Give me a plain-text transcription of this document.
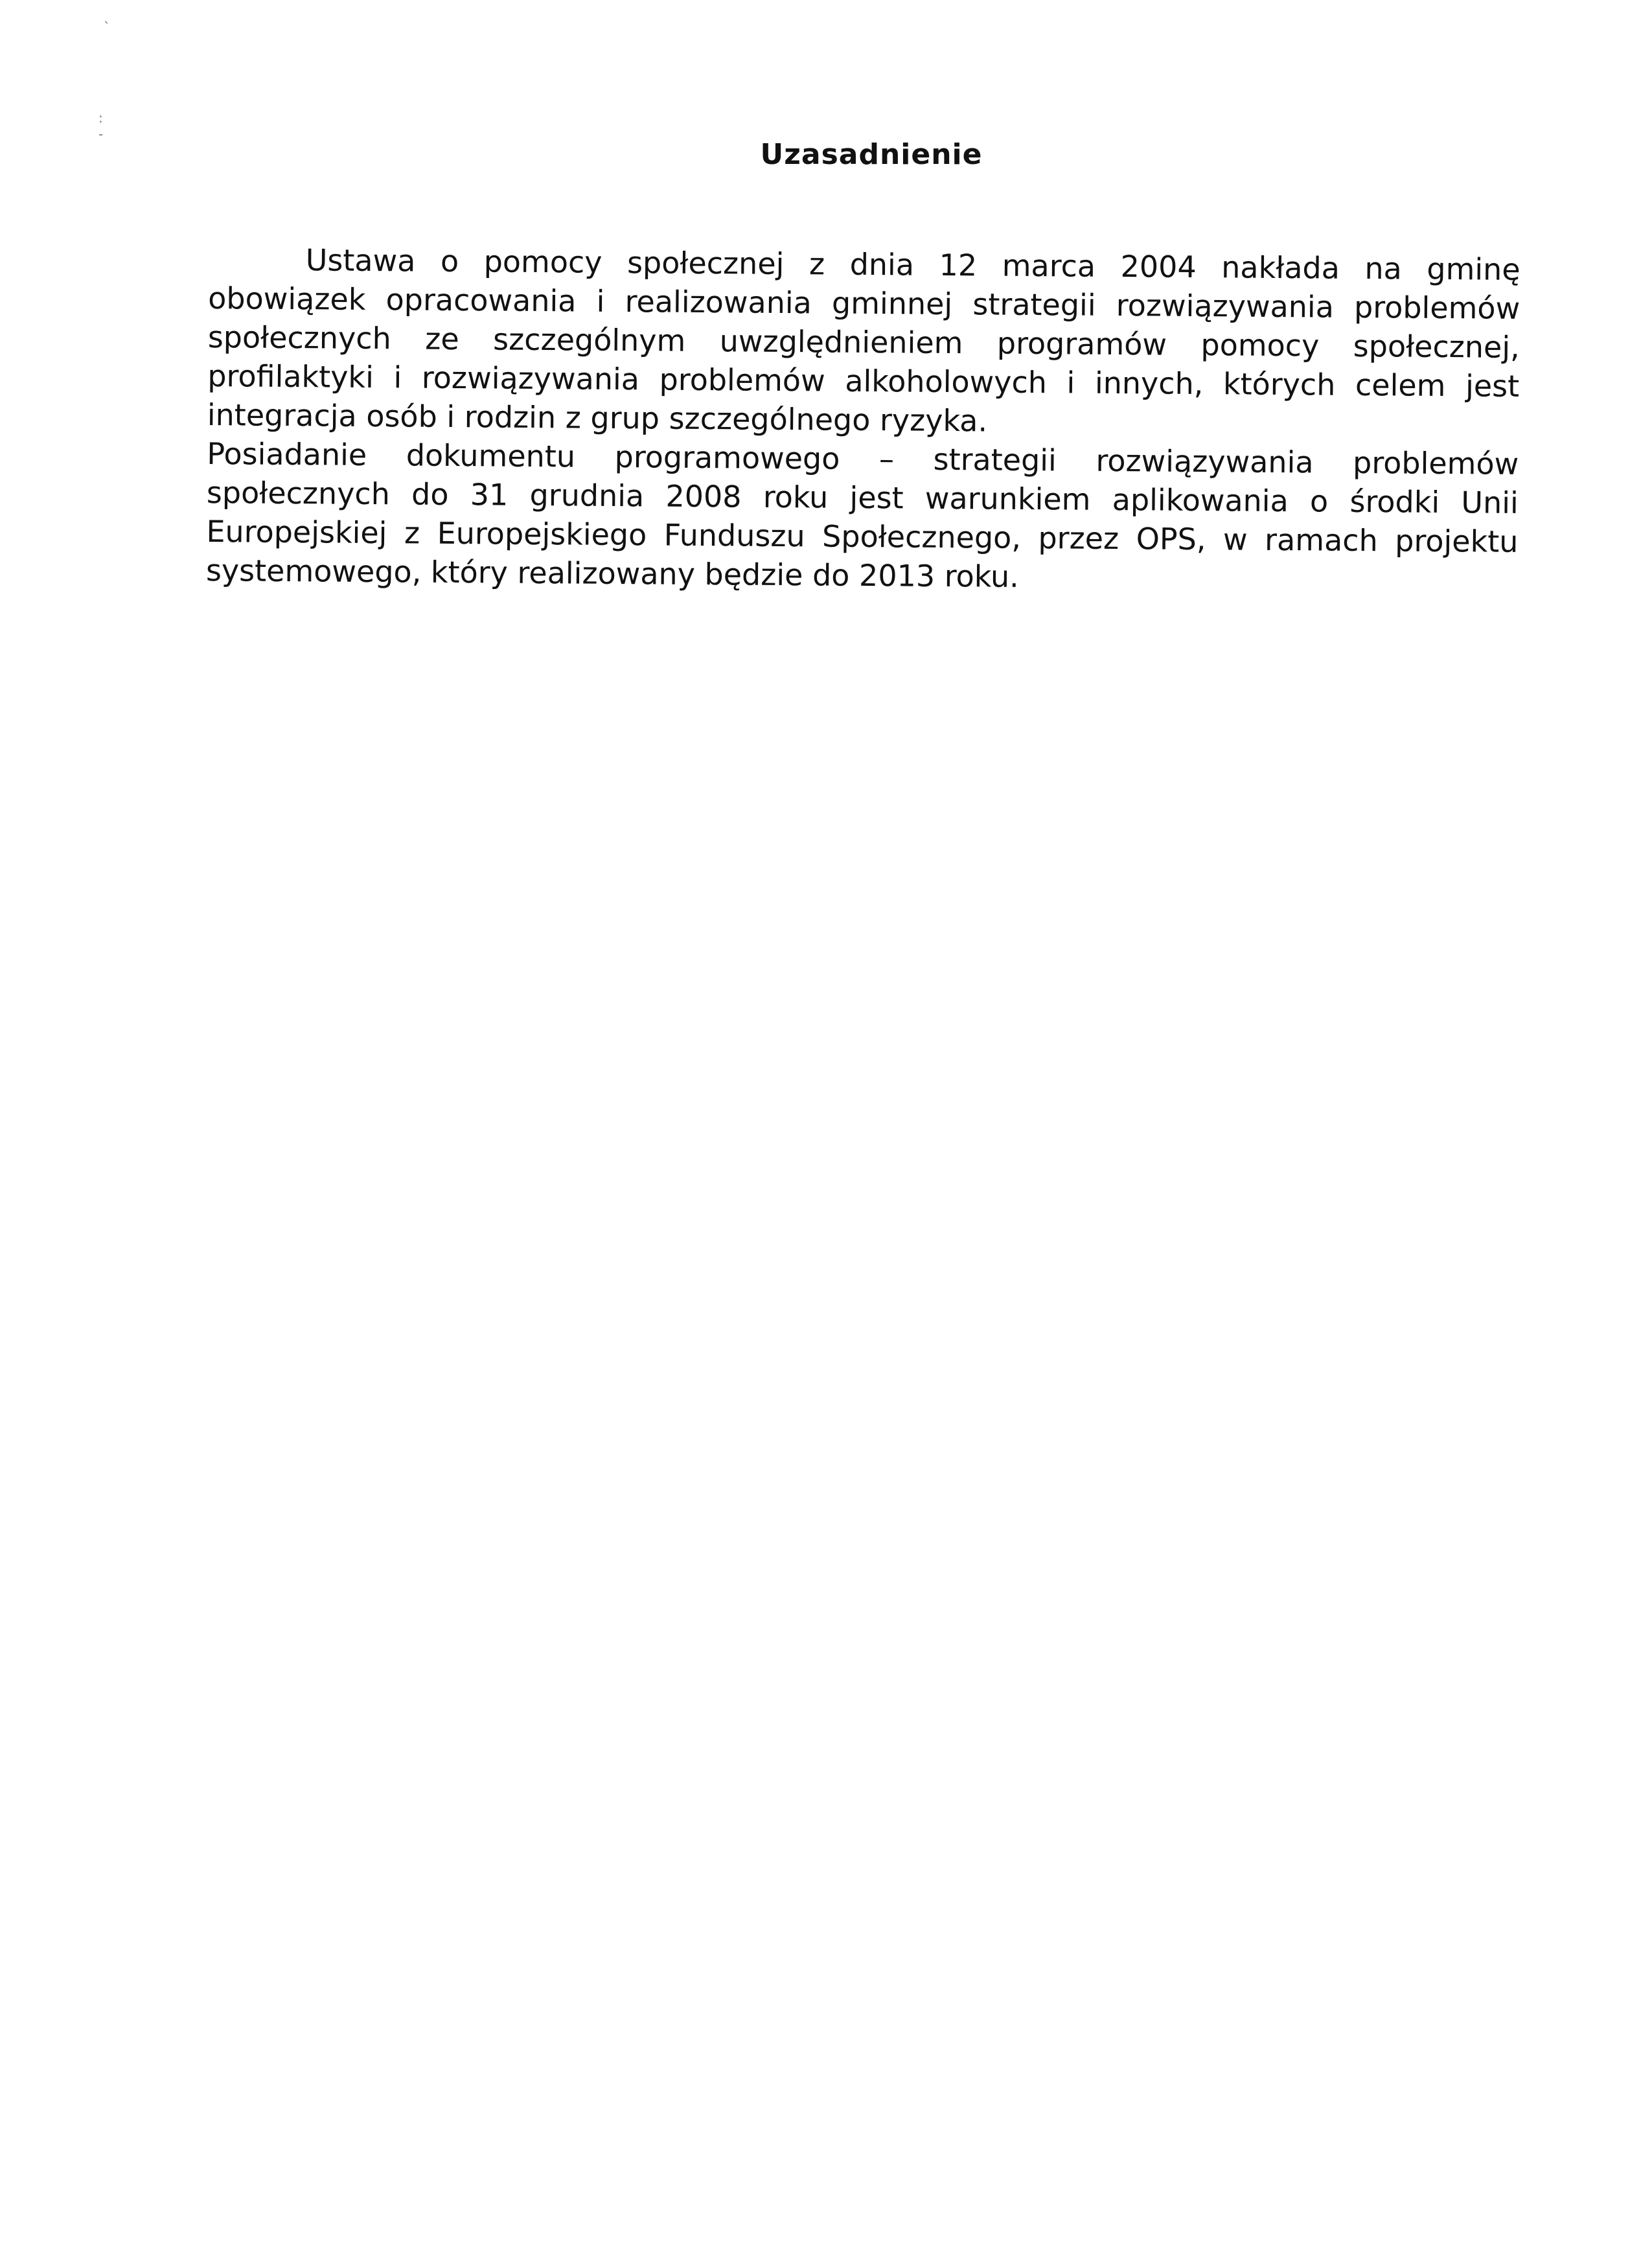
`
:
-
Uzasadnienie
Ustawa o pomocy społecznej z dnia 12 marca 2004 nakłada na gminę
obowiązek opracowania i realizowania gminnej strategii rozwiązywania problemów
społecznych ze szczególnym uwzględnieniem programów pomocy społecznej,
profilaktyki i rozwiązywania problemów alkoholowych i innych, których celem jest
integracja osób i rodzin z grup szczególnego ryzyka.
Posiadanie dokumentu programowego – strategii rozwiązywania problemów
społecznych do 31 grudnia 2008 roku jest warunkiem aplikowania o środki Unii
Europejskiej z Europejskiego Funduszu Społecznego, przez OPS, w ramach projektu
systemowego, który realizowany będzie do 2013 roku.
